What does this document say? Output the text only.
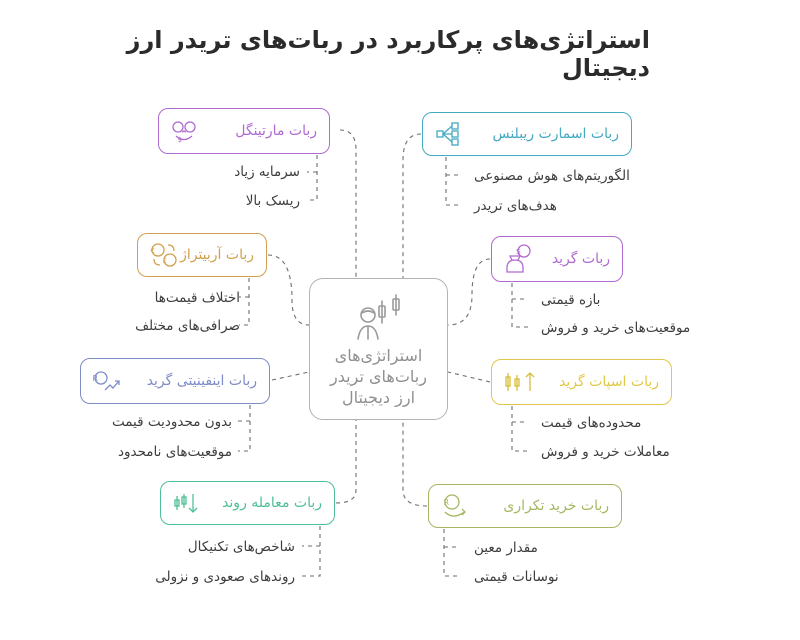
استراتژی‌های پرکاربرد در ربات‌های تریدر ارز دیجیتال
استراتژی‌های
ربات‌های تریدر
ارز دیجیتال
ربات مارتینگل
$
سرمایه زیاد
ریسک بالا
ربات آربیتراژ
€
£
اختلاف قیمت‌ها
صرافی‌های مختلف
ربات اینفینیتی گرید
R
بدون محدودیت قیمت
موقعیت‌های نامحدود
ربات معامله روند
شاخص‌های تکنیکال
روندهای صعودی و نزولی
ربات اسمارت ریبلنس
الگوریتم‌های هوش مصنوعی
هدف‌های تریدر
ربات گرید
$
بازه قیمتی
موقعیت‌های خرید و فروش
ربات اسپات گرید
محدوده‌های قیمت
معاملات خرید و فروش
ربات خرید تکراری
R
مقدار معین
نوسانات قیمتی
